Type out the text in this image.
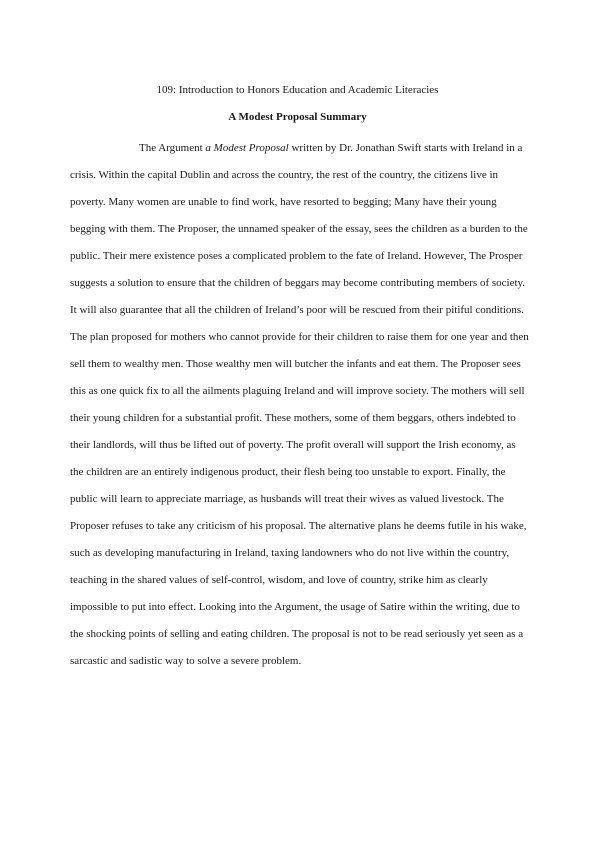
109: Introduction to Honors Education and Academic Literacies

A Modest Proposal Summary

The Argument a Modest Proposal written by Dr. Jonathan Swift starts with Ireland in a crisis. Within the capital Dublin and across the country, the rest of the country, the citizens live in poverty. Many women are unable to find work, have resorted to begging; Many have their young begging with them. The Proposer, the unnamed speaker of the essay, sees the children as a burden to the public. Their mere existence poses a complicated problem to the fate of Ireland. However, The Prosper suggests a solution to ensure that the children of beggars may become contributing members of society. It will also guarantee that all the children of Ireland’s poor will be rescued from their pitiful conditions. The plan proposed for mothers who cannot provide for their children to raise them for one year and then sell them to wealthy men. Those wealthy men will butcher the infants and eat them. The Proposer sees this as one quick fix to all the ailments plaguing Ireland and will improve society. The mothers will sell their young children for a substantial profit. These mothers, some of them beggars, others indebted to their landlords, will thus be lifted out of poverty. The profit overall will support the Irish economy, as the children are an entirely indigenous product, their flesh being too unstable to export. Finally, the public will learn to appreciate marriage, as husbands will treat their wives as valued livestock. The Proposer refuses to take any criticism of his proposal. The alternative plans he deems futile in his wake, such as developing manufacturing in Ireland, taxing landowners who do not live within the country, teaching in the shared values of self-control, wisdom, and love of country, strike him as clearly impossible to put into effect. Looking into the Argument, the usage of Satire within the writing, due to the shocking points of selling and eating children. The proposal is not to be read seriously yet seen as a sarcastic and sadistic way to solve a severe problem.
